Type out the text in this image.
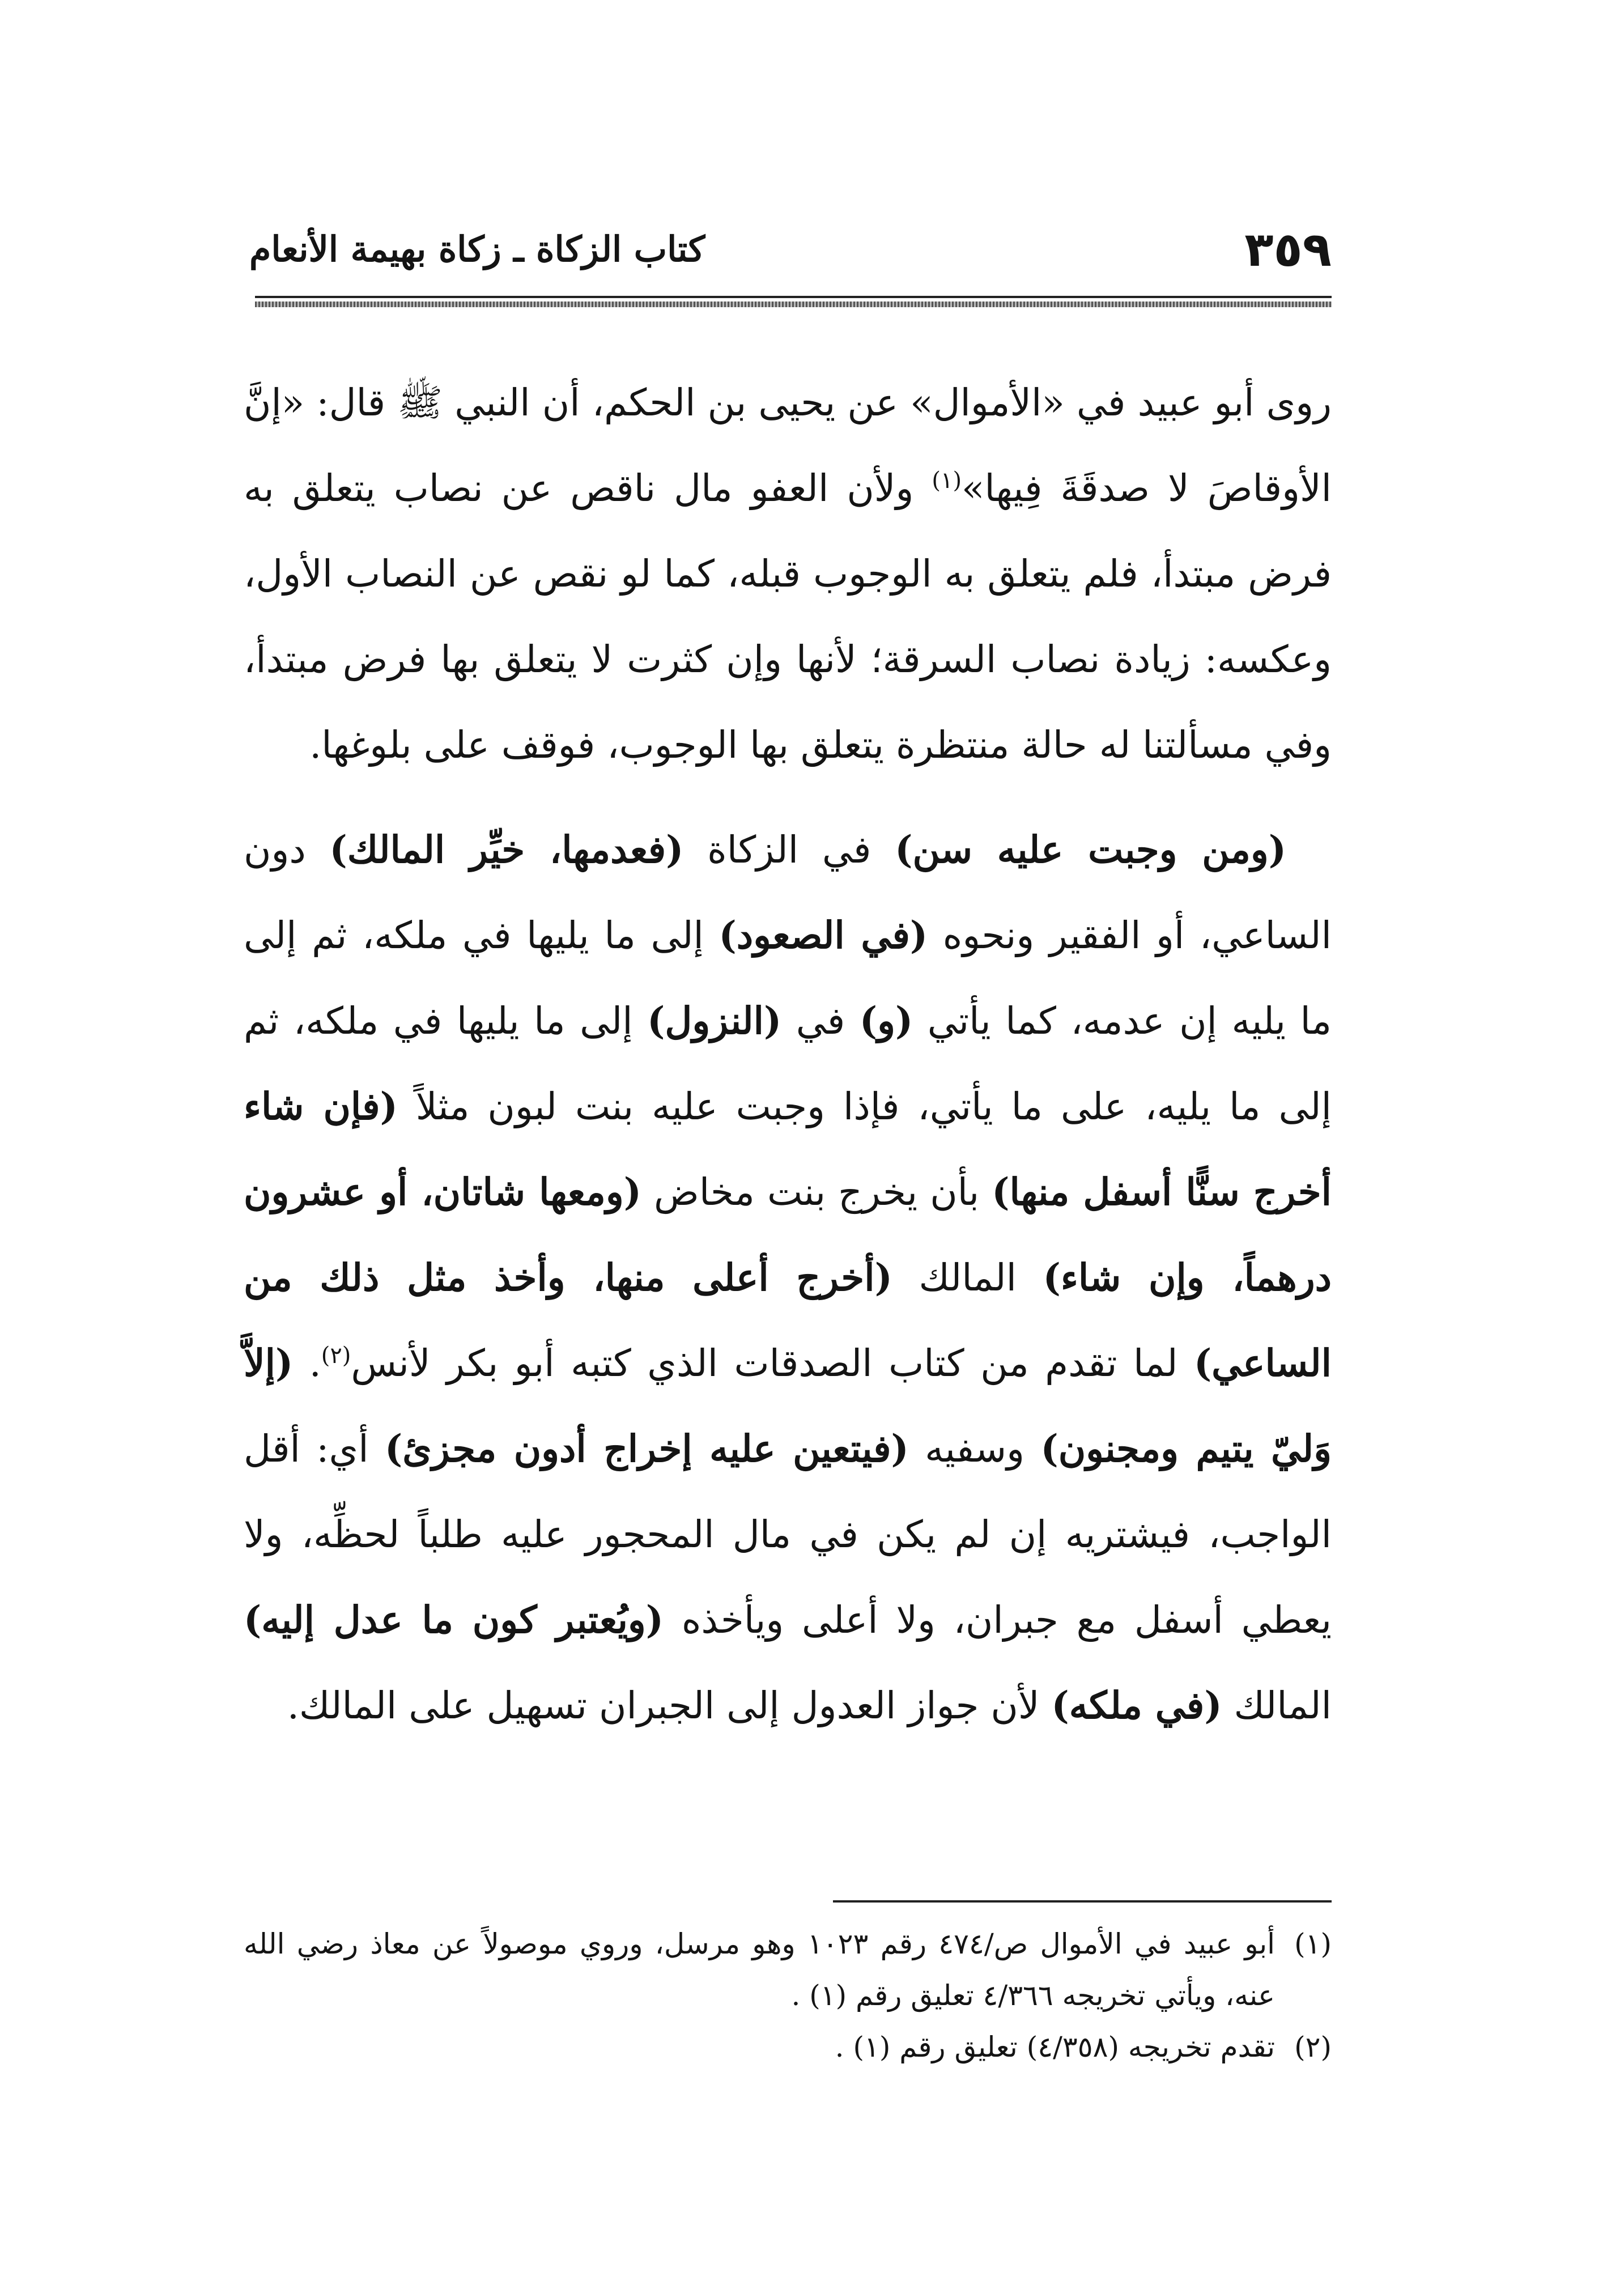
٣٥٩
كتاب الزكاة ـ زكاة بهيمة الأنعام

روى أبو عبيد في «الأموال» عن يحيى بن الحكم، أن النبي ﷺ قال: «إنَّ الأوقاصَ لا صدقَةَ فِيها»$^{(١)}$ ولأن العفو مال ناقص عن نصاب يتعلق به فرض مبتدأ، فلم يتعلق به الوجوب قبله، كما لو نقص عن النصاب الأول، وعكسه: زيادة نصاب السرقة؛ لأنها وإن كثرت لا يتعلق بها فرض مبتدأ، وفي مسألتنا له حالة منتظرة يتعلق بها الوجوب، فوقف على بلوغها.

(ومن وجبت عليه سن) في الزكاة (فعدمها، خيِّر المالك) دون الساعي، أو الفقير ونحوه (في الصعود) إلى ما يليها في ملكه، ثم إلى ما يليه إن عدمه، كما يأتي (و) في (النزول) إلى ما يليها في ملكه، ثم إلى ما يليه، على ما يأتي، فإذا وجبت عليه بنت لبون مثلاً (فإن شاء أخرج سنًّا أسفل منها) بأن يخرج بنت مخاض (ومعها شاتان، أو عشرون درهماً، وإن شاء) المالك (أخرج أعلى منها، وأخذ مثل ذلك من الساعي) لما تقدم من كتاب الصدقات الذي كتبه أبو بكر لأنس$^{(٢)}$. (إلاَّ وَليّ يتيم ومجنون) وسفيه (فيتعين عليه إخراج أدون مجزئ) أي: أقل الواجب، فيشتريه إن لم يكن في مال المحجور عليه طلباً لحظِّه، ولا يعطي أسفل مع جبران، ولا أعلى ويأخذه (ويُعتبر كون ما عدل إليه) المالك (في ملكه) لأن جواز العدول إلى الجبران تسهيل على المالك.

(١)
أبو عبيد في الأموال ص/٤٧٤ رقم ١٠٢٣ وهو مرسل، وروي موصولاً عن معاذ رضي الله عنه، ويأتي تخريجه ٤/٣٦٦ تعليق رقم (١) .

(٢)
تقدم تخريجه (٤/٣٥٨) تعليق رقم (١) .
